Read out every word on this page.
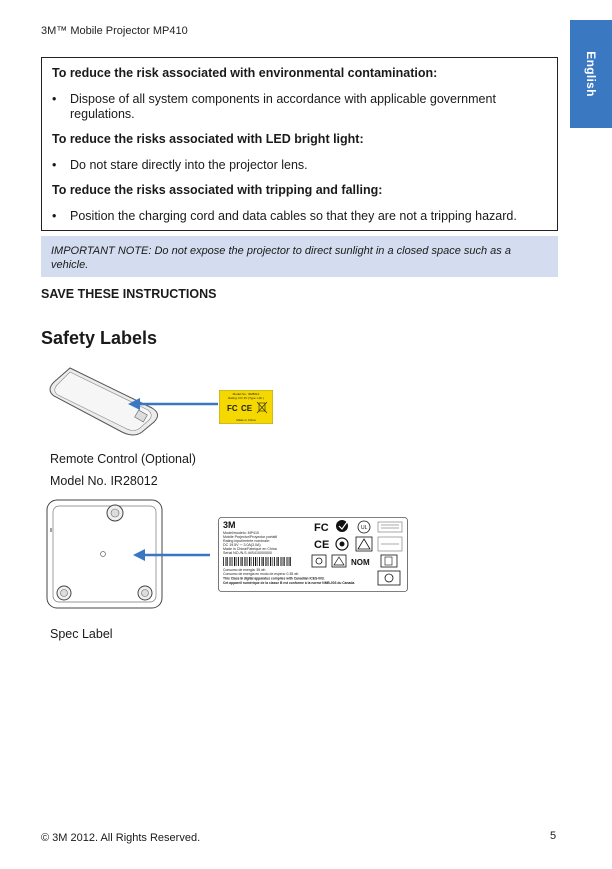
3M™ Mobile Projector MP410
English

To reduce the risk associated with environmental contamination:

• Dispose of all system components in accordance with applicable government regulations.

To reduce the risks associated with LED bright light:

• Do not stare directly into the projector lens.

To reduce the risks associated with tripping and falling:

• Position the charging cord and data cables so that they are not a tripping hazard.
IMPORTANT NOTE: Do not expose the projector to direct sunlight in a closed space such as a vehicle.
SAVE THESE INSTRUCTIONS
Safety Labels
Model No.: IR28012
Rating: DC 3V (Type: Lith.)
FC CE
Made in China
Remote Control (Optional)
Model No. IR28012
3M
Model/modelo: MP410
Mobile Projector/Proyector portátil
Rating input/entrée nominale:
DC 19.5V ⎓ 3.0A(3.0A)
Made in China/Fabriqué en China
Serial NO./N.S.:MS410000000
Consumo de energia: 35 wh
Consumo de energia en modo de espera: 0.38 wh
This Class B digital apparatus complies with Canadian ICES-003.
Cet appareil numérique de la classe B est conforme à la norme NMB-003 du Canada.
FC	UL
CE
NOM
Spec Label
© 3M 2012. All Rights Reserved.	5
